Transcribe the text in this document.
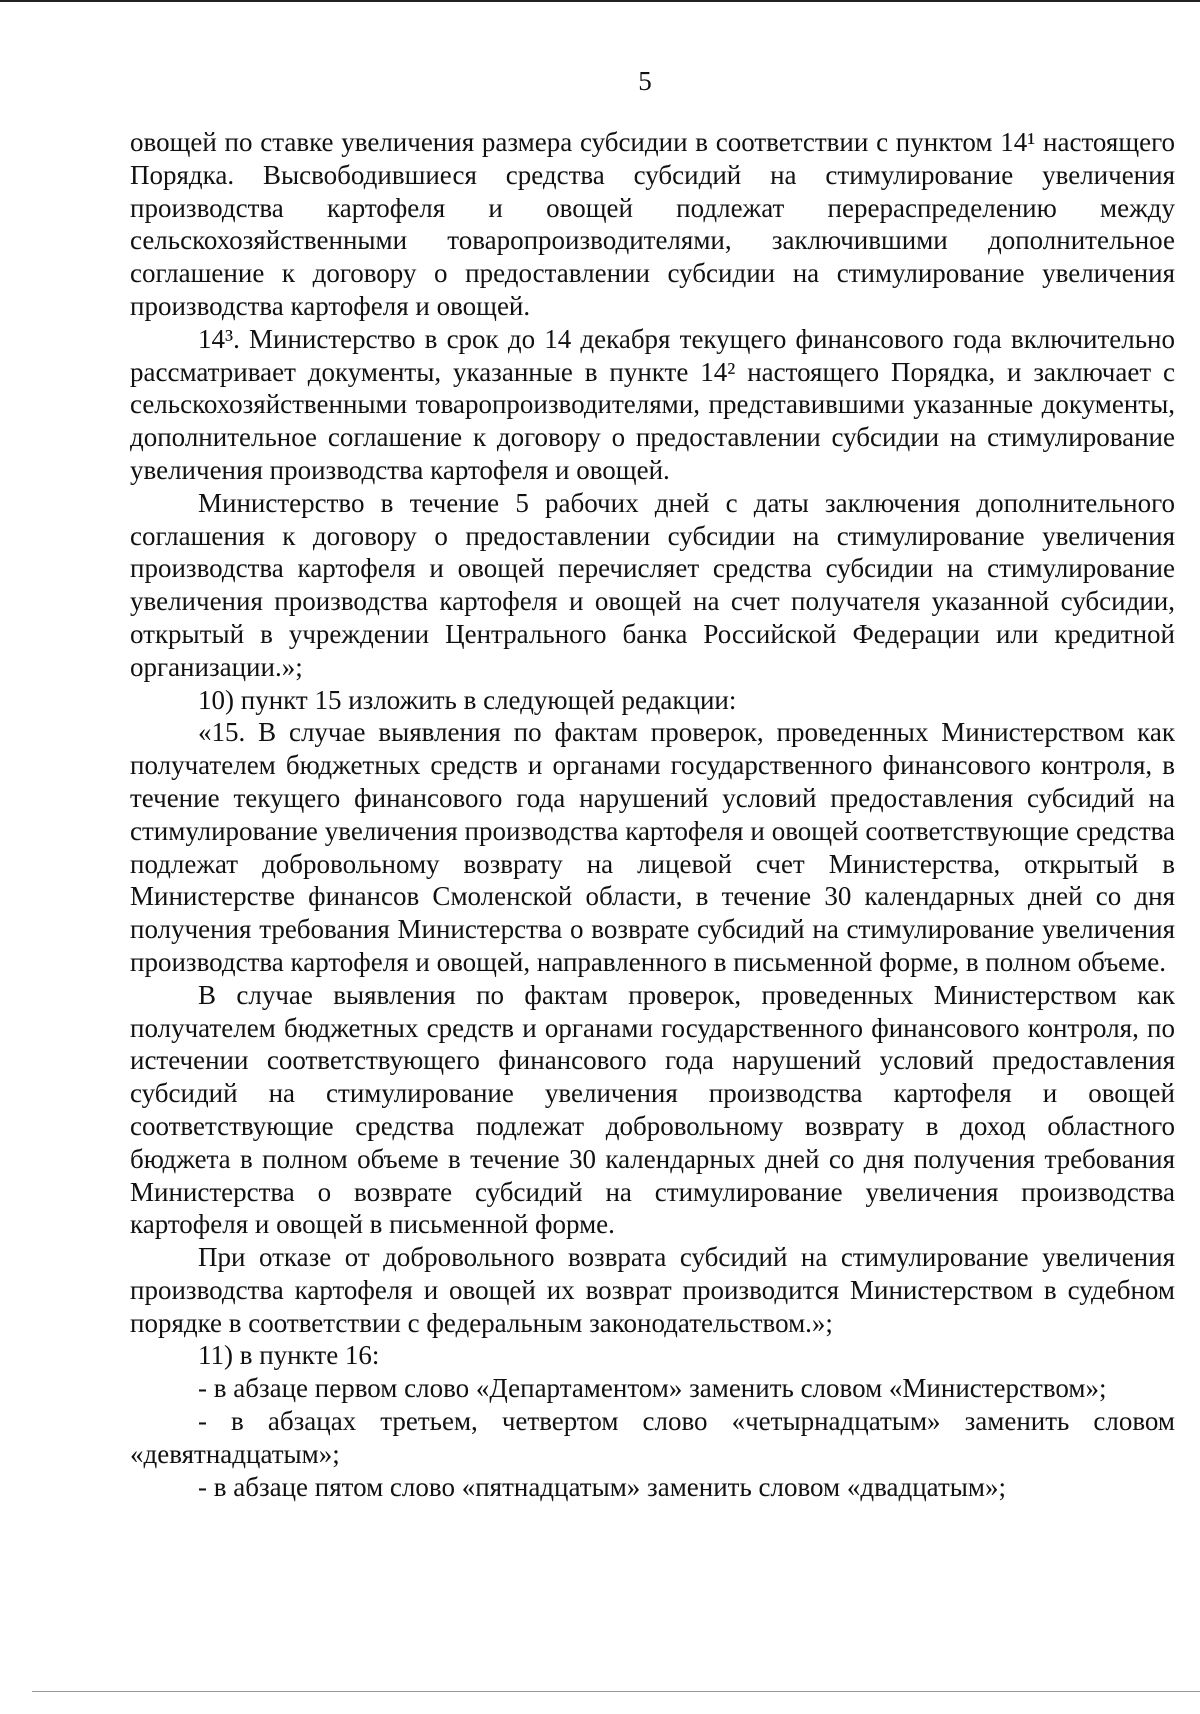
5

овощей по ставке увеличения размера субсидии в соответствии с пунктом 14¹ настоящего Порядка. Высвободившиеся средства субсидий на стимулирование увеличения производства картофеля и овощей подлежат перераспределению между сельскохозяйственными товаропроизводителями, заключившими дополнительное соглашение к договору о предоставлении субсидии на стимулирование увеличения производства картофеля и овощей.

14³. Министерство в срок до 14 декабря текущего финансового года включительно рассматривает документы, указанные в пункте 14² настоящего Порядка, и заключает с сельскохозяйственными товаропроизводителями, представившими указанные документы, дополнительное соглашение к договору о предоставлении субсидии на стимулирование увеличения производства картофеля и овощей.

Министерство в течение 5 рабочих дней с даты заключения дополнительного соглашения к договору о предоставлении субсидии на стимулирование увеличения производства картофеля и овощей перечисляет средства субсидии на стимулирование увеличения производства картофеля и овощей на счет получателя указанной субсидии, открытый в учреждении Центрального банка Российской Федерации или кредитной организации.»;

10) пункт 15 изложить в следующей редакции:

«15. В случае выявления по фактам проверок, проведенных Министерством как получателем бюджетных средств и органами государственного финансового контроля, в течение текущего финансового года нарушений условий предоставления субсидий на стимулирование увеличения производства картофеля и овощей соответствующие средства подлежат добровольному возврату на лицевой счет Министерства, открытый в Министерстве финансов Смоленской области, в течение 30 календарных дней со дня получения требования Министерства о возврате субсидий на стимулирование увеличения производства картофеля и овощей, направленного в письменной форме, в полном объеме.

В случае выявления по фактам проверок, проведенных Министерством как получателем бюджетных средств и органами государственного финансового контроля, по истечении соответствующего финансового года нарушений условий предоставления субсидий на стимулирование увеличения производства картофеля и овощей соответствующие средства подлежат добровольному возврату в доход областного бюджета в полном объеме в течение 30 календарных дней со дня получения требования Министерства о возврате субсидий на стимулирование увеличения производства картофеля и овощей в письменной форме.

При отказе от добровольного возврата субсидий на стимулирование увеличения производства картофеля и овощей их возврат производится Министерством в судебном порядке в соответствии с федеральным законодательством.»;

11) в пункте 16:

- в абзаце первом слово «Департаментом» заменить словом «Министерством»;

- в абзацах третьем, четвертом слово «четырнадцатым» заменить словом «девятнадцатым»;

- в абзаце пятом слово «пятнадцатым» заменить словом «двадцатым»;
